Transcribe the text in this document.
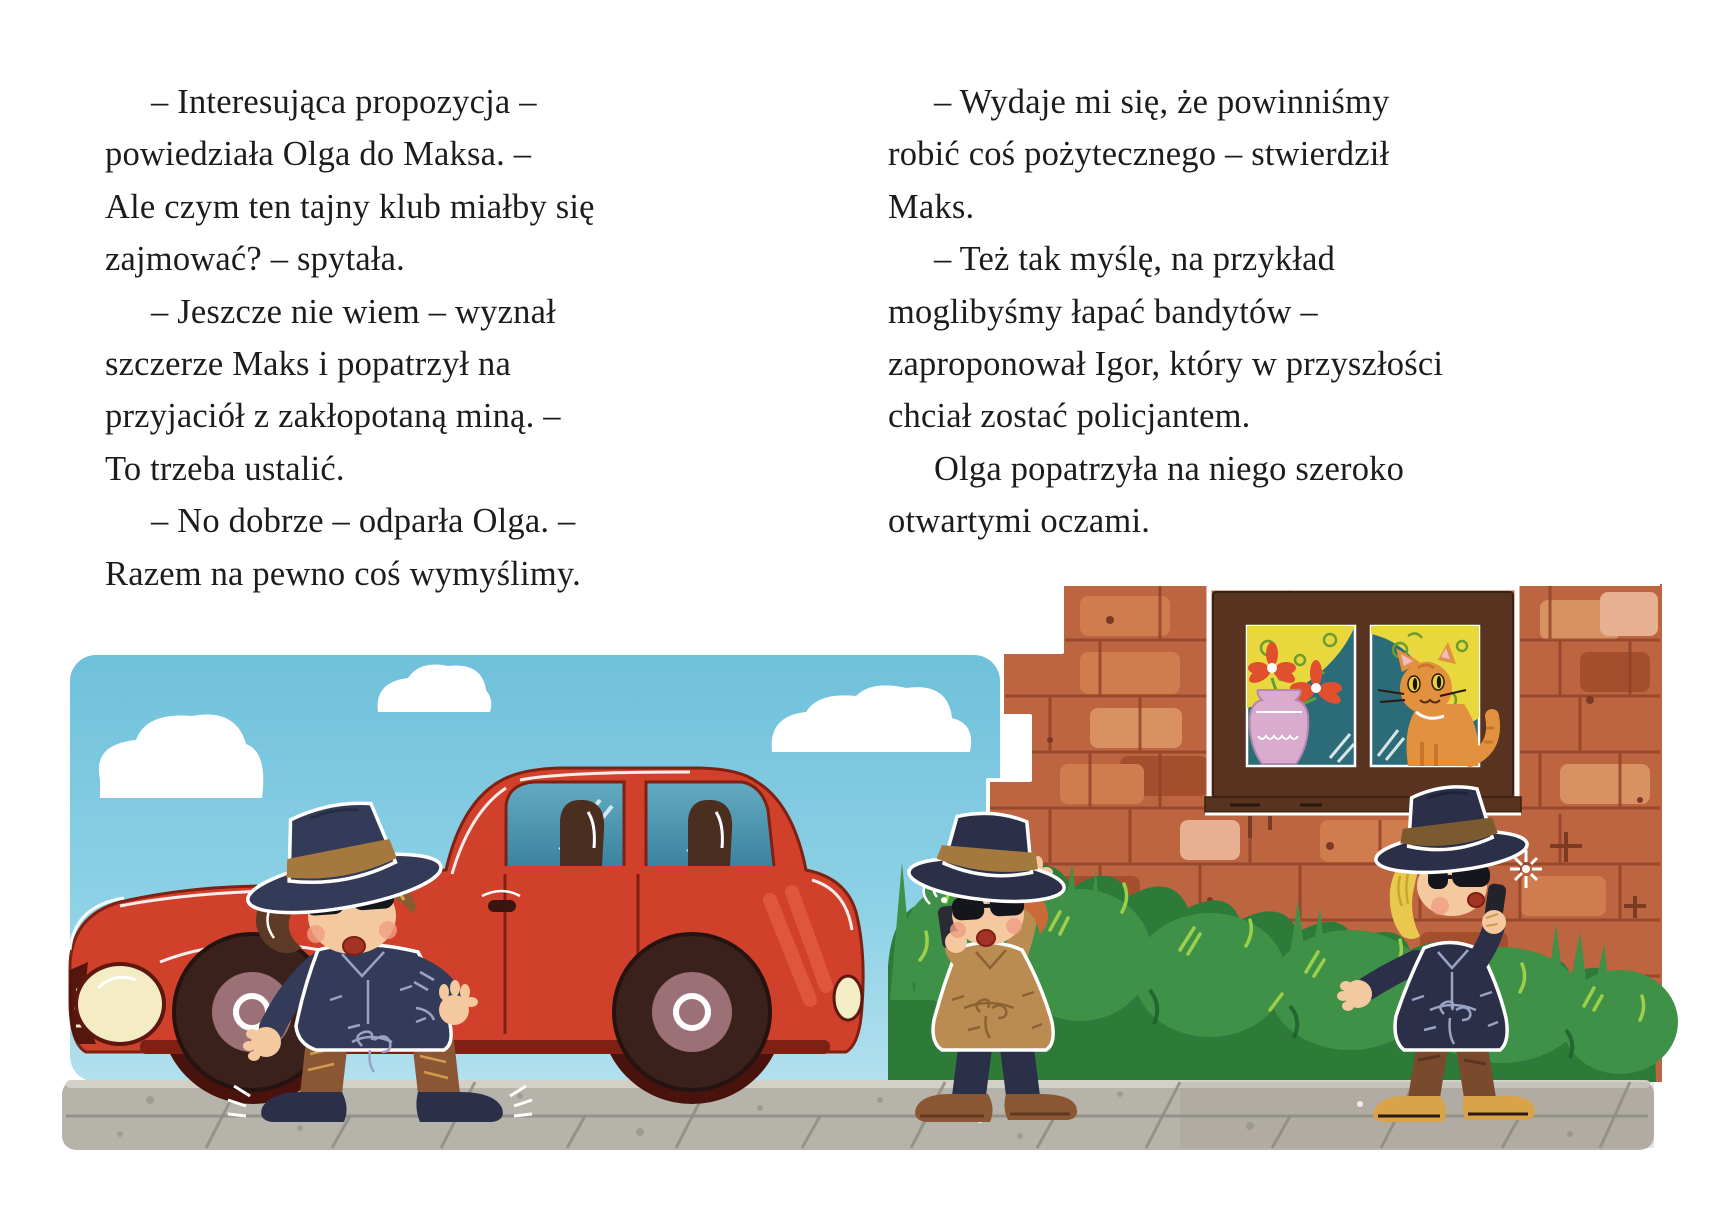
– Interesująca propozycja –
powiedziała Olga do Maksa. –
Ale czym ten tajny klub miałby się
zajmować? – spytała.
– Jeszcze nie wiem – wyznał
szczerze Maks i popatrzył na
przyjaciół z zakłopotaną miną. –
To trzeba ustalić.
– No dobrze – odparła Olga. –
Razem na pewno coś wymyślimy.
– Wydaje mi się, że powinniśmy
robić coś pożytecznego – stwierdził
Maks.
– Też tak myślę, na przykład
moglibyśmy łapać bandytów –
zaproponował Igor, który w przyszłości
chciał zostać policjantem.
Olga popatrzyła na niego szeroko
otwartymi oczami.
